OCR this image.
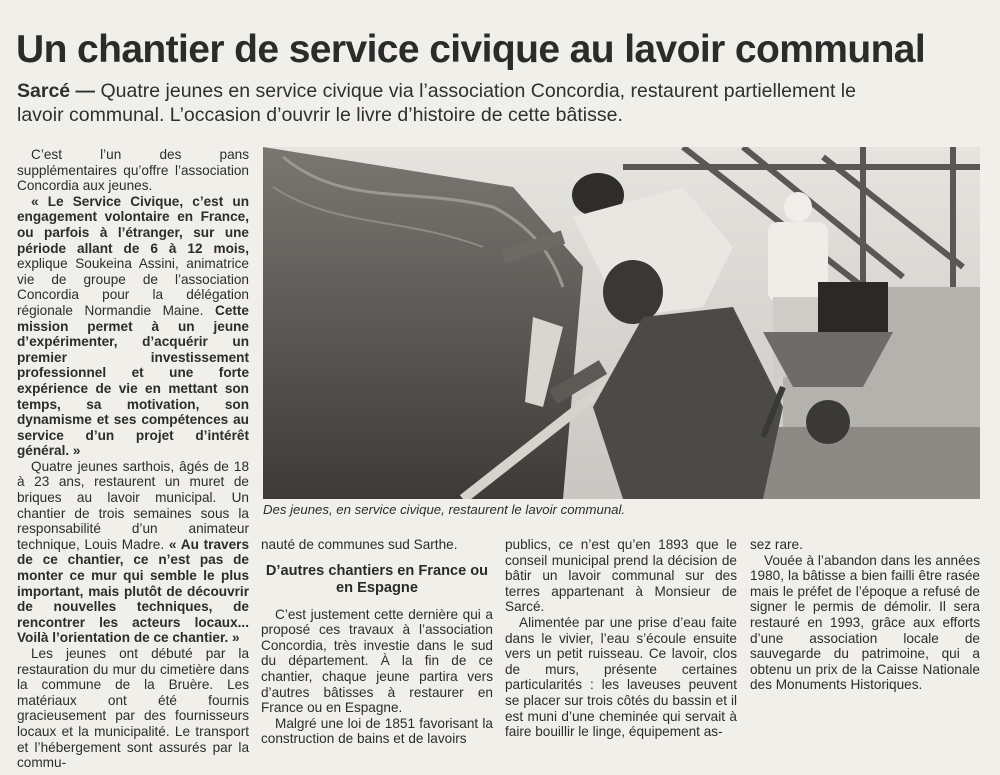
Un chantier de service civique au lavoir communal
Sarcé — Quatre jeunes en service civique via l’association Concordia, restaurent partiellement le lavoir communal. L’occasion d’ouvrir le livre d’histoire de cette bâtisse.

C’est l’un des pans supplémentaires qu’offre l’association Concordia aux jeunes.

« Le Service Civique, c’est un engagement volontaire en France, ou parfois à l’étranger, sur une période allant de 6 à 12 mois, explique Soukeina Assini, animatrice vie de groupe de l’association Concordia pour la délégation régionale Normandie Maine. Cette mission permet à un jeune d’expérimenter, d’acquérir un premier investissement professionnel et une forte expérience de vie en mettant son temps, sa motivation, son dynamisme et ses compétences au service d’un projet d’intérêt général. »

Quatre jeunes sarthois, âgés de 18 à 23 ans, restaurent un muret de briques au lavoir municipal. Un chantier de trois semaines sous la responsabilité d’un animateur technique, Louis Madre. « Au travers de ce chantier, ce n’est pas de monter ce mur qui semble le plus important, mais plutôt de découvrir de nouvelles techniques, de rencontrer les acteurs locaux... Voilà l’orientation de ce chantier. »

Les jeunes ont débuté par la restauration du mur du cimetière dans la commune de la Bruère. Les matériaux ont été fournis gracieusement par des fournisseurs locaux et la municipalité. Le transport et l’hébergement sont assurés par la commu-

Des jeunes, en service civique, restaurent le lavoir communal.

nauté de communes sud Sarthe.

D’autres chantiers en France ou en Espagne

C’est justement cette dernière qui a proposé ces travaux à l’association Concordia, très investie dans le sud du département. À la fin de ce chantier, chaque jeune partira vers d’autres bâtisses à restaurer en France ou en Espagne.

Malgré une loi de 1851 favorisant la construction de bains et de lavoirs

publics, ce n’est qu’en 1893 que le conseil municipal prend la décision de bâtir un lavoir communal sur des terres appartenant à Monsieur de Sarcé.

Alimentée par une prise d’eau faite dans le vivier, l’eau s’écoule ensuite vers un petit ruisseau. Ce lavoir, clos de murs, présente certaines particularités : les laveuses peuvent se placer sur trois côtés du bassin et il est muni d’une cheminée qui servait à faire bouillir le linge, équipement as-

sez rare.

Vouée à l’abandon dans les années 1980, la bâtisse a bien failli être rasée mais le préfet de l’époque a refusé de signer le permis de démolir. Il sera restauré en 1993, grâce aux efforts d’une association locale de sauvegarde du patrimoine, qui a obtenu un prix de la Caisse Nationale des Monuments Historiques.
